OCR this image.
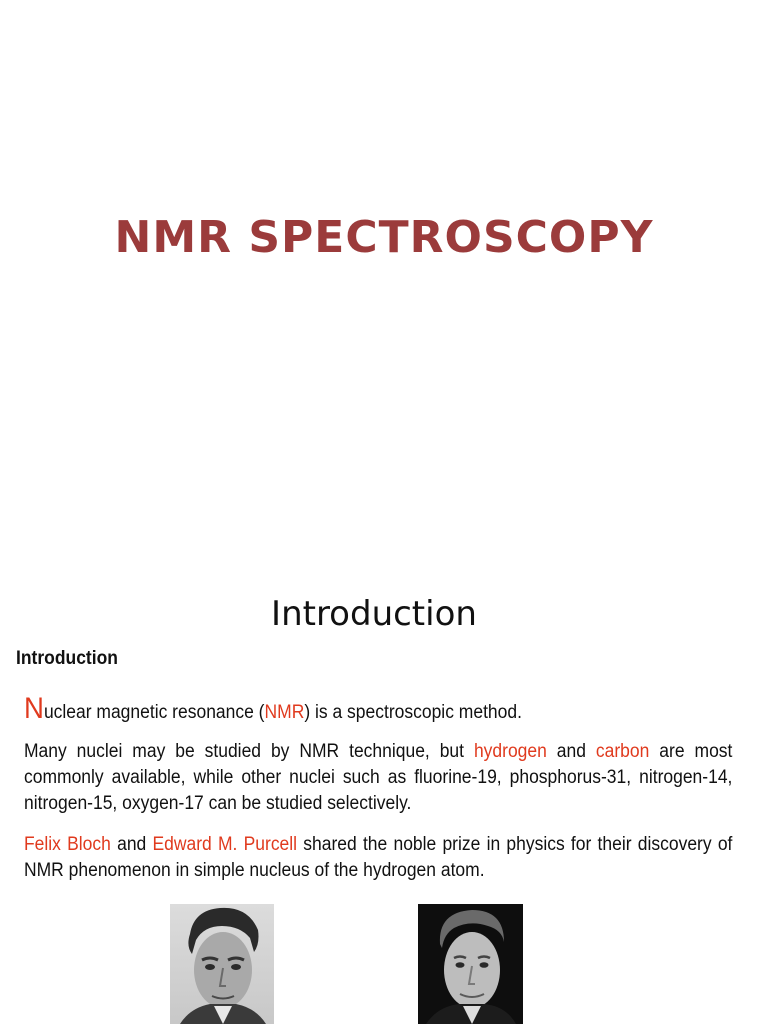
NMR SPECTROSCOPY
Introduction
Introduction
Nuclear magnetic resonance (NMR) is a spectroscopic method.
Many nuclei may be studied by NMR technique, but hydrogen and carbon are most commonly available, while other nuclei such as fluorine-19, phosphorus-31, nitrogen-14, nitrogen-15, oxygen-17 can be studied selectively.
Felix Bloch and Edward M. Purcell shared the noble prize in physics for their discovery of NMR phenomenon in simple nucleus of the hydrogen atom.
